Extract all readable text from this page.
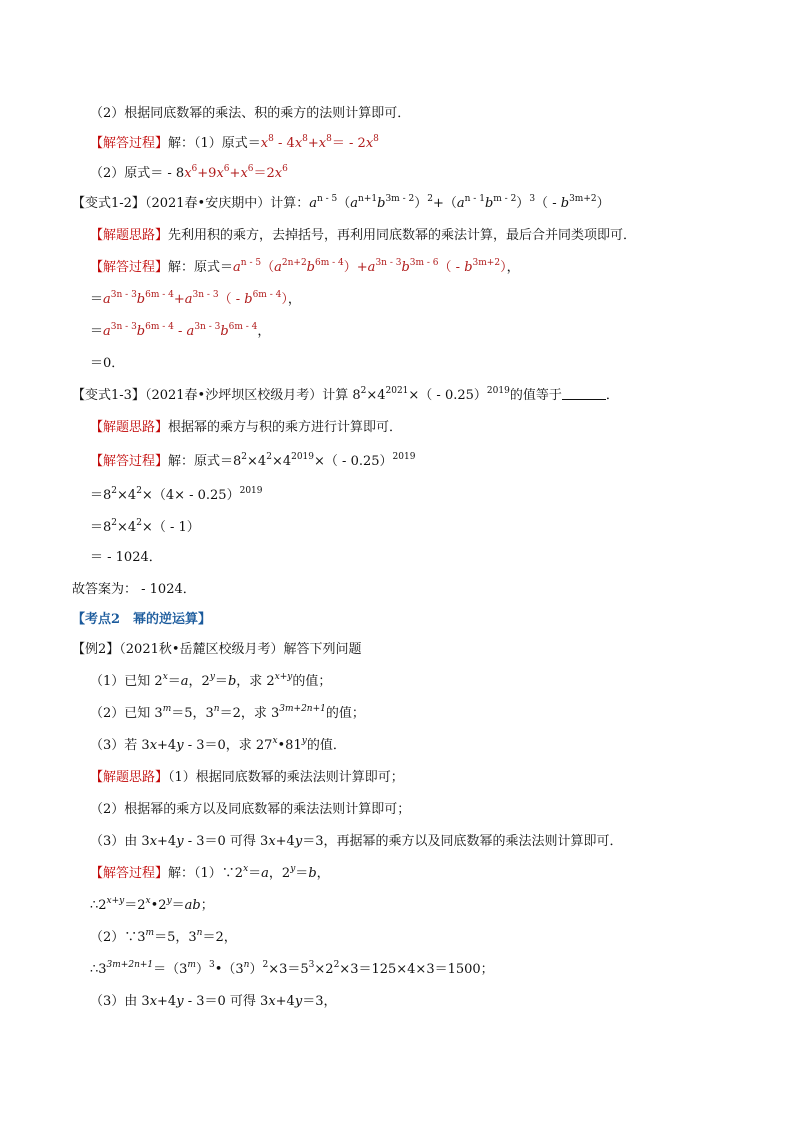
（2）根据同底数幂的乘法、积的乘方的法则计算即可．
【解答过程】解：（1）原式$=x^8 - 4x^8+x^8= - 2x^8$
（2）原式＝ - $8x^6+9x^6+x^6=2x^6$
【变式1-2】（2021春•安庆期中）计算：$a^{n - 5}(a^{n+1}b^{3m - 2})^2+(a^{n - 1}b^{m - 2})^3( - b^{3m+2})$
【解题思路】先利用积的乘方，去掉括号，再利用同底数幂的乘法计算，最后合并同类项即可．
【解答过程】解：原式$=a^{n - 5}(a^{2n+2}b^{6m - 4})+a^{3n - 3}b^{3m - 6}( - b^{3m+2})$，
$=a^{3n - 3}b^{6m - 4}+a^{3n - 3}( - b^{6m - 4})$，
$=a^{3n - 3}b^{6m - 4} - a^{3n - 3}b^{6m - 4}$，
＝0．
【变式1-3】（2021春•沙坪坝区校级月考）计算 $8^2\times 4^{2021}\times( - 0.25)^{2019}$的值等于	．
【解题思路】根据幂的乘方与积的乘方进行计算即可．
【解答过程】解：原式$=8^2\times 4^2\times 4^{2019}\times( - 0.25)^{2019}$
$=8^2\times 4^2\times(4\times - 0.25)^{2019}$
$=8^2\times 4^2\times( - 1)$
＝ - 1024．
故答案为： - 1024．
【考点2　幂的逆运算】
【例2】（2021秋•岳麓区校级月考）解答下列问题
（1）已知 $2^x=a$，$2^y=b$，求 $2^{x+y}$的值；
（2）已知 $3^m=5$，$3^n=2$，求 $3^{3m+2n+1}$的值；
（3）若 3x+4y - 3＝0，求 27$^x$•81$^y$的值．
【解题思路】（1）根据同底数幂的乘法法则计算即可；
（2）根据幂的乘方以及同底数幂的乘法法则计算即可；
（3）由 3x+4y - 3＝0 可得 3x+4y＝3，再据幂的乘方以及同底数幂的乘法法则计算即可．
【解答过程】解：$(1)\because 2^x=a$，$2^y=b$，
$\therefore 2^{x+y}=2^x•2^y=ab$；
$(2)\because 3^m=5$，$3^n=2$，
$\therefore 3^{3m+2n+1}=(3^m)^3•(3^n)^2\times 3=5^3\times 2^2\times 3=125\times 4\times 3=1500$；
（3）由 3x+4y - 3＝0 可得 3x+4y＝3，
